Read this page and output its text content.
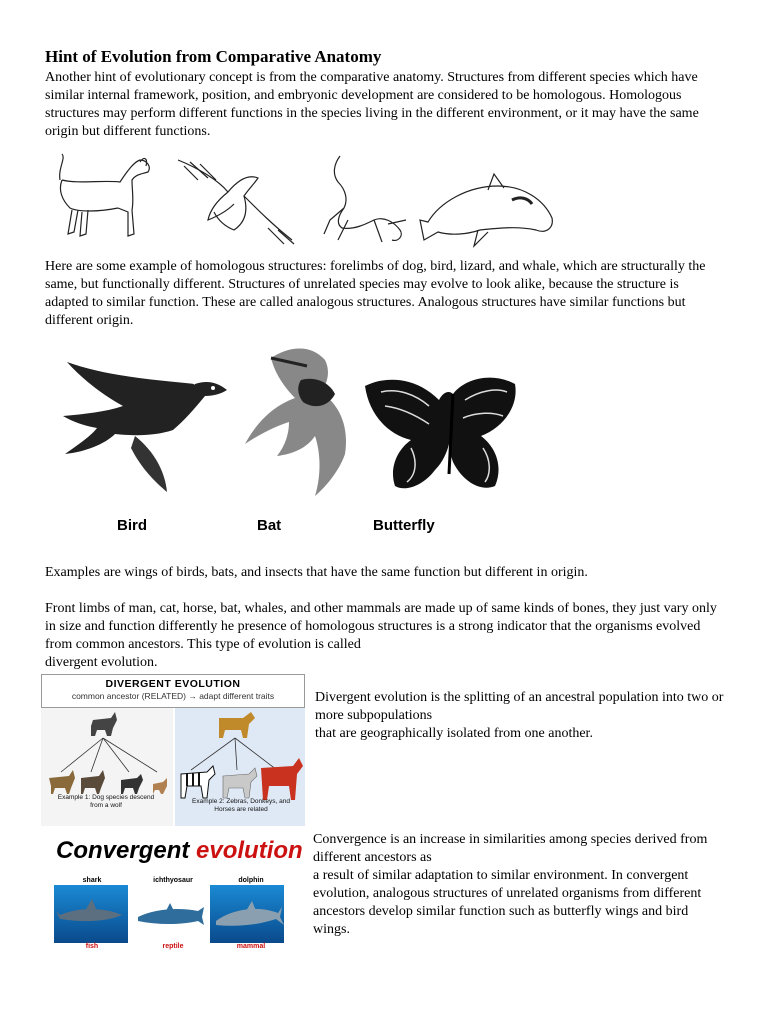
Hint of Evolution from Comparative Anatomy

Another hint of evolutionary concept is from the comparative anatomy. Structures from different species which have similar internal framework, position, and embryonic development are considered to be homologous. Homologous structures may perform different functions in the species living in the different environment, or it may have the same origin but different functions.

Here are some example of homologous structures: forelimbs of dog, bird, lizard, and whale, which are structurally the same, but functionally different. Structures of unrelated species may evolve to look alike, because the structure is adapted to similar function. These are called analogous structures. Analogous structures have similar functions but different origin.

Bird	Bat	Butterfly

Examples are wings of birds, bats, and insects that have the same function but different in origin.

Front limbs of man, cat, horse, bat, whales, and other mammals are made up of same kinds of bones, they just vary only in size and function differently he presence of homologous structures is a strong indicator that the organisms evolved from common ancestors. This type of evolution is called
divergent evolution.

DIVERGENT EVOLUTION
common ancestor (RELATED) → adapt different traits
Example 1: Dog species descend from a wolf	Example 2: Zebras, Donkeys, and Horses are related

Divergent evolution is the splitting of an ancestral population into two or more subpopulations
that are geographically isolated from one another.

Convergent evolution
shark	ichthyosaur	dolphin
fish	reptile	mammal

Convergence is an increase in similarities among species derived from different ancestors as
a result of similar adaptation to similar environment. In convergent evolution, analogous structures of unrelated organisms from different ancestors develop similar function such as butterfly wings and bird wings.
